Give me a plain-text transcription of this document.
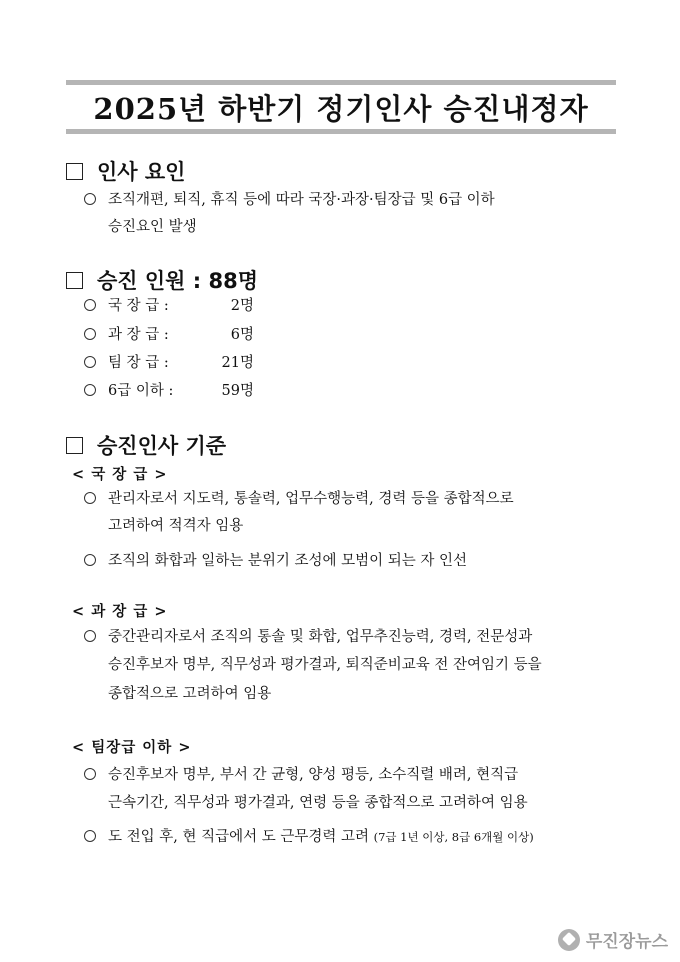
2025년 하반기 정기인사 승진내정자
인사 요인
조직개편, 퇴직, 휴직 등에 따라 국장·과장·팀장급 및 6급 이하
승진요인 발생
승진 인원 : 88명
국 장 급 :	2명
과 장 급 :	6명
팀 장 급 :	21명
6급 이하 :	59명
승진인사 기준
< 국 장 급 >
관리자로서 지도력, 통솔력, 업무수행능력, 경력 등을 종합적으로
고려하여 적격자 임용
조직의 화합과 일하는 분위기 조성에 모범이 되는 자 인선
< 과 장 급 >
중간관리자로서 조직의 통솔 및 화합, 업무추진능력, 경력, 전문성과
승진후보자 명부, 직무성과 평가결과, 퇴직준비교육 전 잔여임기 등을
종합적으로 고려하여 임용
< 팀장급 이하 >
승진후보자 명부, 부서 간 균형, 양성 평등, 소수직렬 배려, 현직급
근속기간, 직무성과 평가결과, 연령 등을 종합적으로 고려하여 임용
도 전입 후, 현 직급에서 도 근무경력 고려 (7급 1년 이상, 8급 6개월 이상)
무진장뉴스
